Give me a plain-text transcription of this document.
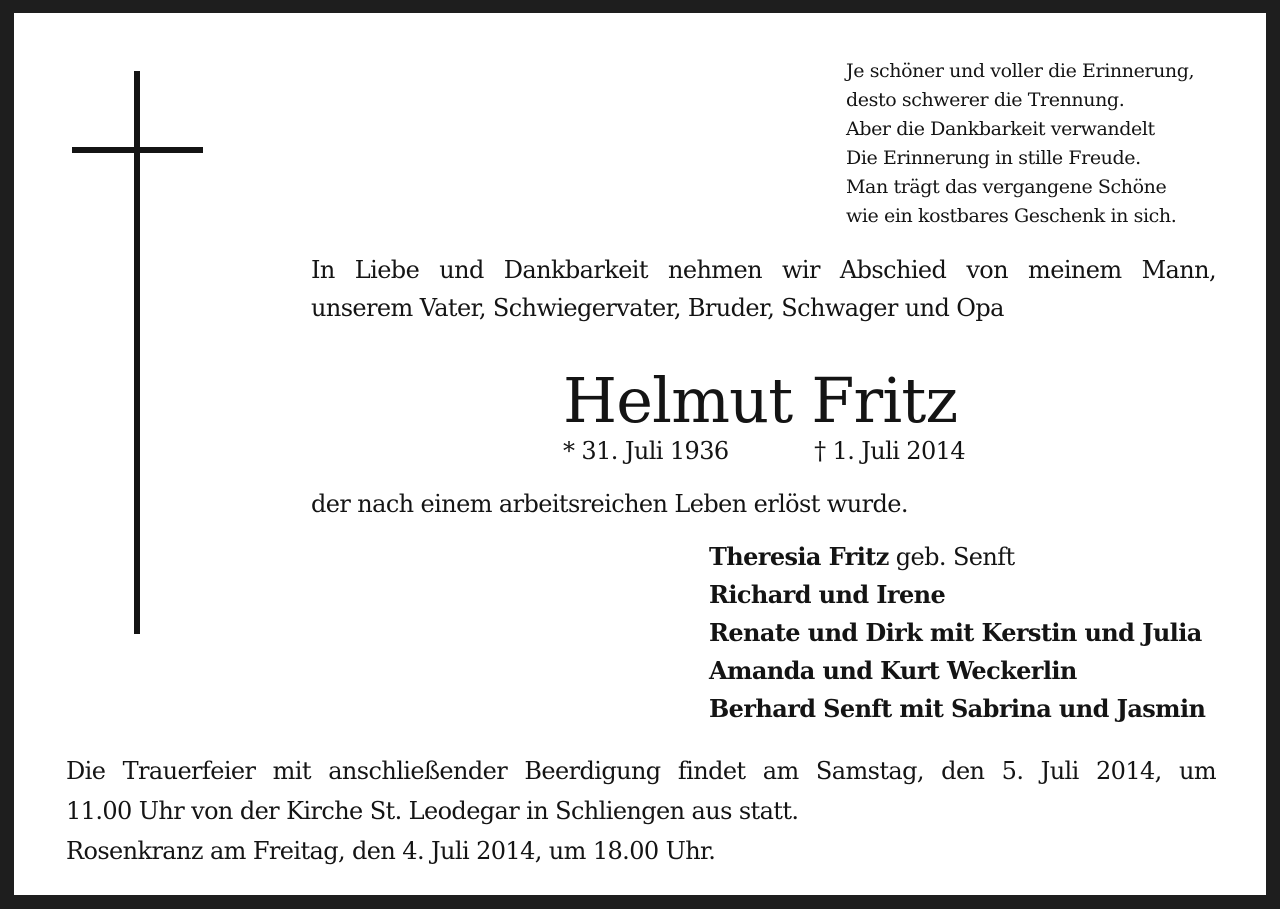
Je schöner und voller die Erinnerung,
desto schwerer die Trennung.
Aber die Dankbarkeit verwandelt
Die Erinnerung in stille Freude.
Man trägt das vergangene Schöne
wie ein kostbares Geschenk in sich.
In Liebe und Dankbarkeit nehmen wir Abschied von meinem Mann,
unserem Vater, Schwiegervater, Bruder, Schwager und Opa
Helmut Fritz
* 31. Juli 1936	† 1. Juli 2014
der nach einem arbeitsreichen Leben erlöst wurde.
Theresia Fritz geb. Senft
Richard und Irene
Renate und Dirk mit Kerstin und Julia
Amanda und Kurt Weckerlin
Berhard Senft mit Sabrina und Jasmin
Die Trauerfeier mit anschließender Beerdigung findet am Samstag, den 5. Juli 2014, um
11.00 Uhr von der Kirche St. Leodegar in Schliengen aus statt.
Rosenkranz am Freitag, den 4. Juli 2014, um 18.00 Uhr.
